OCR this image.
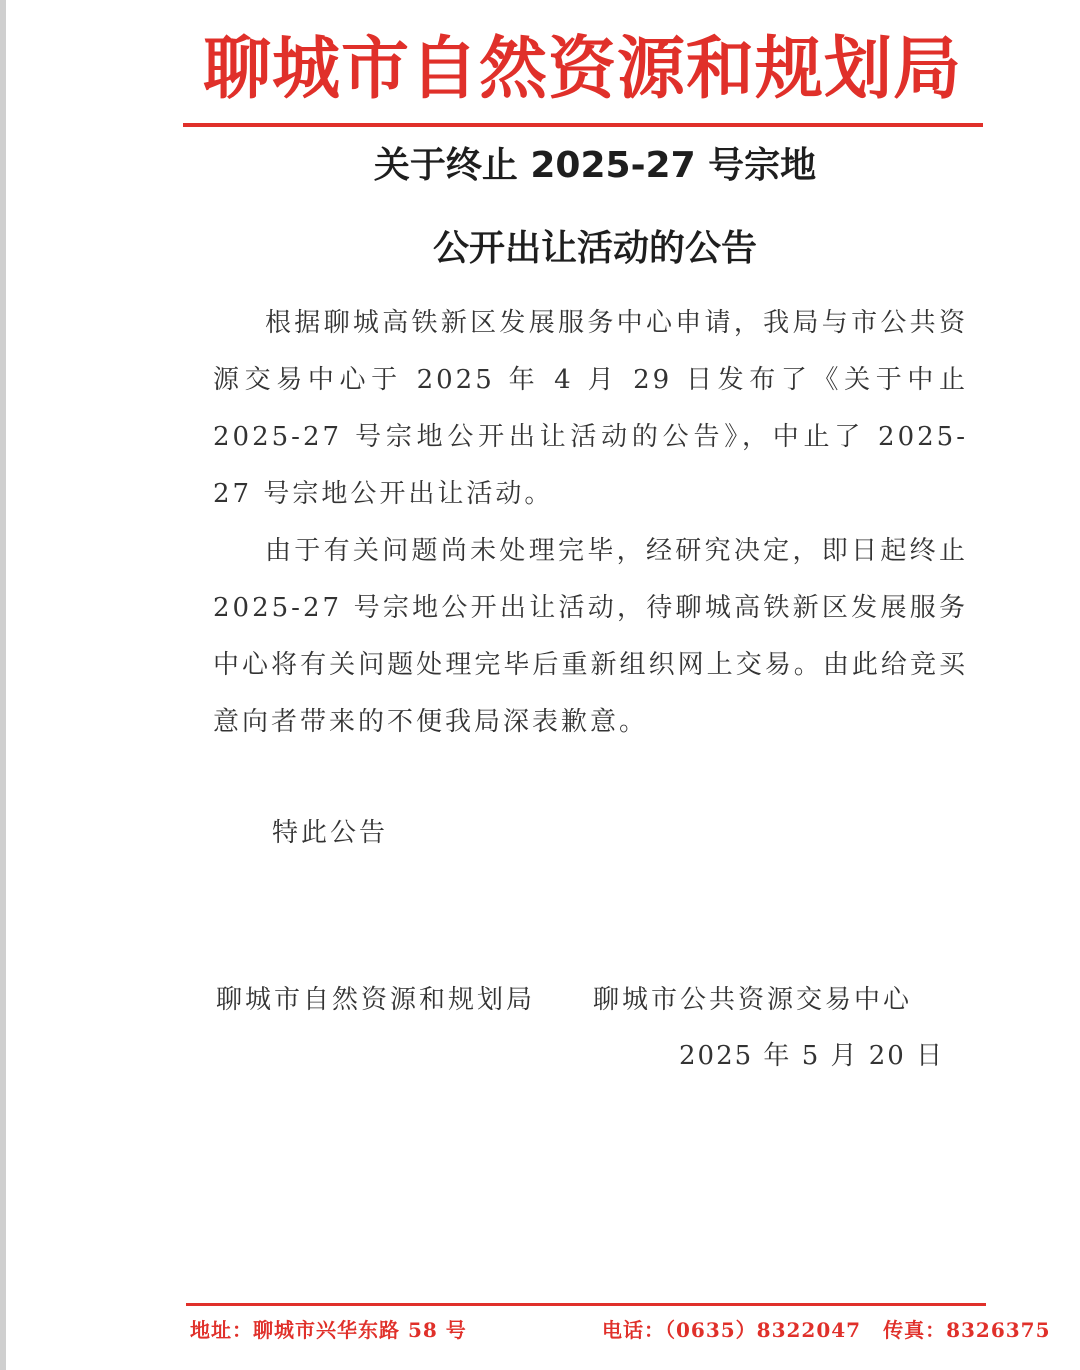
聊城市自然资源和规划局
关于终止 2025-27 号宗地
公开出让活动的公告

根据聊城高铁新区发展服务中心申请，我局与市公共资源交易中心于 2025 年 4 月 29 日发布了《关于中止 2025-27 号宗地公开出让活动的公告》，中止了 2025-27 号宗地公开出让活动。

由于有关问题尚未处理完毕，经研究决定，即日起终止 2025-27 号宗地公开出让活动，待聊城高铁新区发展服务中心将有关问题处理完毕后重新组织网上交易。由此给竞买意向者带来的不便我局深表歉意。

特此公告
聊城市自然资源和规划局 聊城市公共资源交易中心
2025 年 5 月 20 日
地址：聊城市兴华东路 58 号	电话：（0635）8322047 传真：8326375
